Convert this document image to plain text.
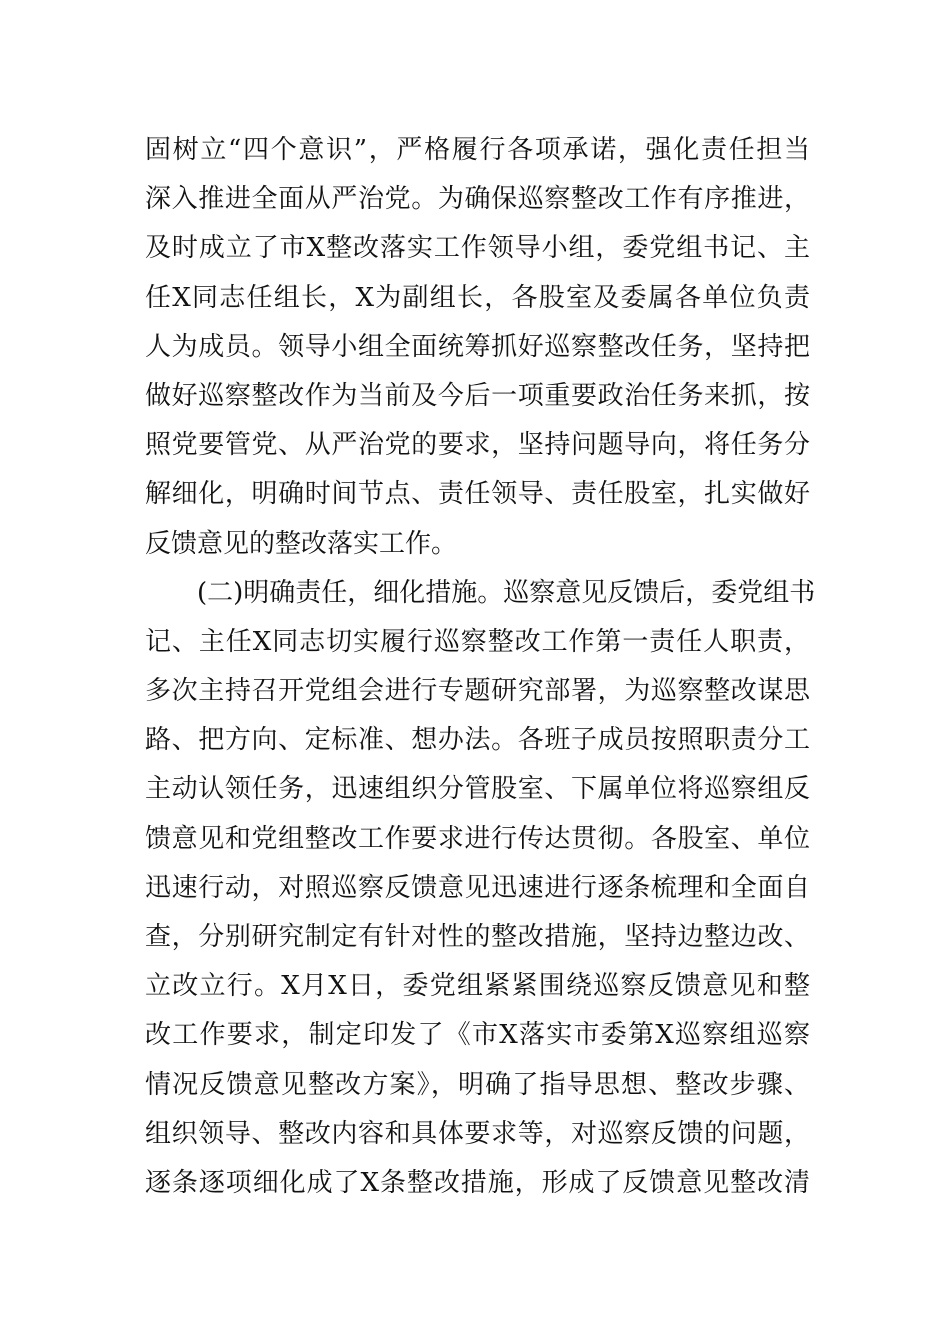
固树立“四个意识”，严格履行各项承诺，强化责任担当
深入推进全面从严治党。为确保巡察整改工作有序推进，
及时成立了市X整改落实工作领导小组，委党组书记、主
任X同志任组长，X为副组长，各股室及委属各单位负责
人为成员。领导小组全面统筹抓好巡察整改任务，坚持把
做好巡察整改作为当前及今后一项重要政治任务来抓，按
照党要管党、从严治党的要求，坚持问题导向，将任务分
解细化，明确时间节点、责任领导、责任股室，扎实做好
反馈意见的整改落实工作。
(二)明确责任，细化措施。巡察意见反馈后，委党组书
记、主任X同志切实履行巡察整改工作第一责任人职责，
多次主持召开党组会进行专题研究部署，为巡察整改谋思
路、把方向、定标准、想办法。各班子成员按照职责分工
主动认领任务，迅速组织分管股室、下属单位将巡察组反
馈意见和党组整改工作要求进行传达贯彻。各股室、单位
迅速行动，对照巡察反馈意见迅速进行逐条梳理和全面自
查，分别研究制定有针对性的整改措施，坚持边整边改、
立改立行。X月X日，委党组紧紧围绕巡察反馈意见和整
改工作要求，制定印发了《市X落实市委第X巡察组巡察
情况反馈意见整改方案》，明确了指导思想、整改步骤、
组织领导、整改内容和具体要求等，对巡察反馈的问题，
逐条逐项细化成了X条整改措施，形成了反馈意见整改清
